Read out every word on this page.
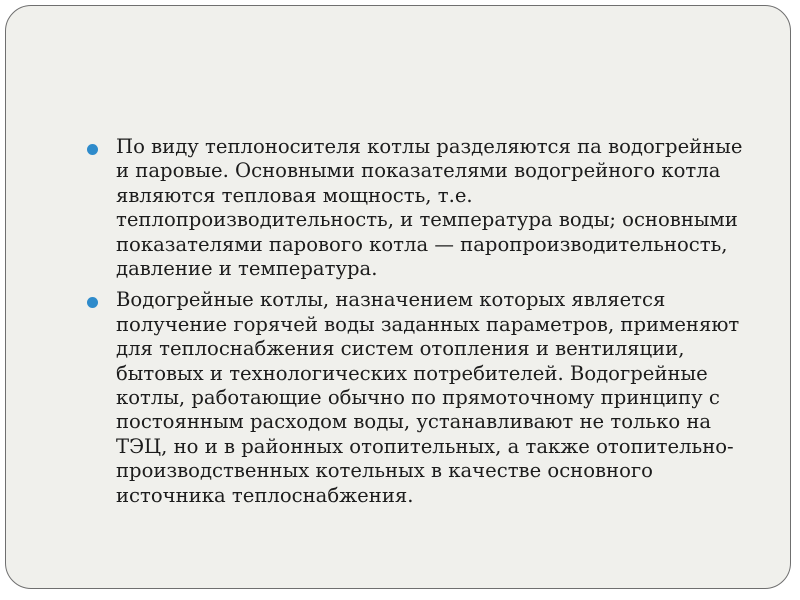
По виду теплоносителя котлы разделяются па водогрейные
и паровые. Основными показателями водогрейного котла
являются тепловая мощность, т.е.
теплопроизводительность, и температура воды; основными
показателями парового котла — паропроизводительность,
давление и температура.
Водогрейные котлы, назначением которых является
получение горячей воды заданных параметров, применяют
для теплоснабжения систем отопления и вентиляции,
бытовых и технологических потребителей. Водогрейные
котлы, работающие обычно по прямоточному принципу с
постоянным расходом воды, устанавливают не только на
ТЭЦ, но и в районных отопительных, а также отопительно-
производственных котельных в качестве основного
источника теплоснабжения.
